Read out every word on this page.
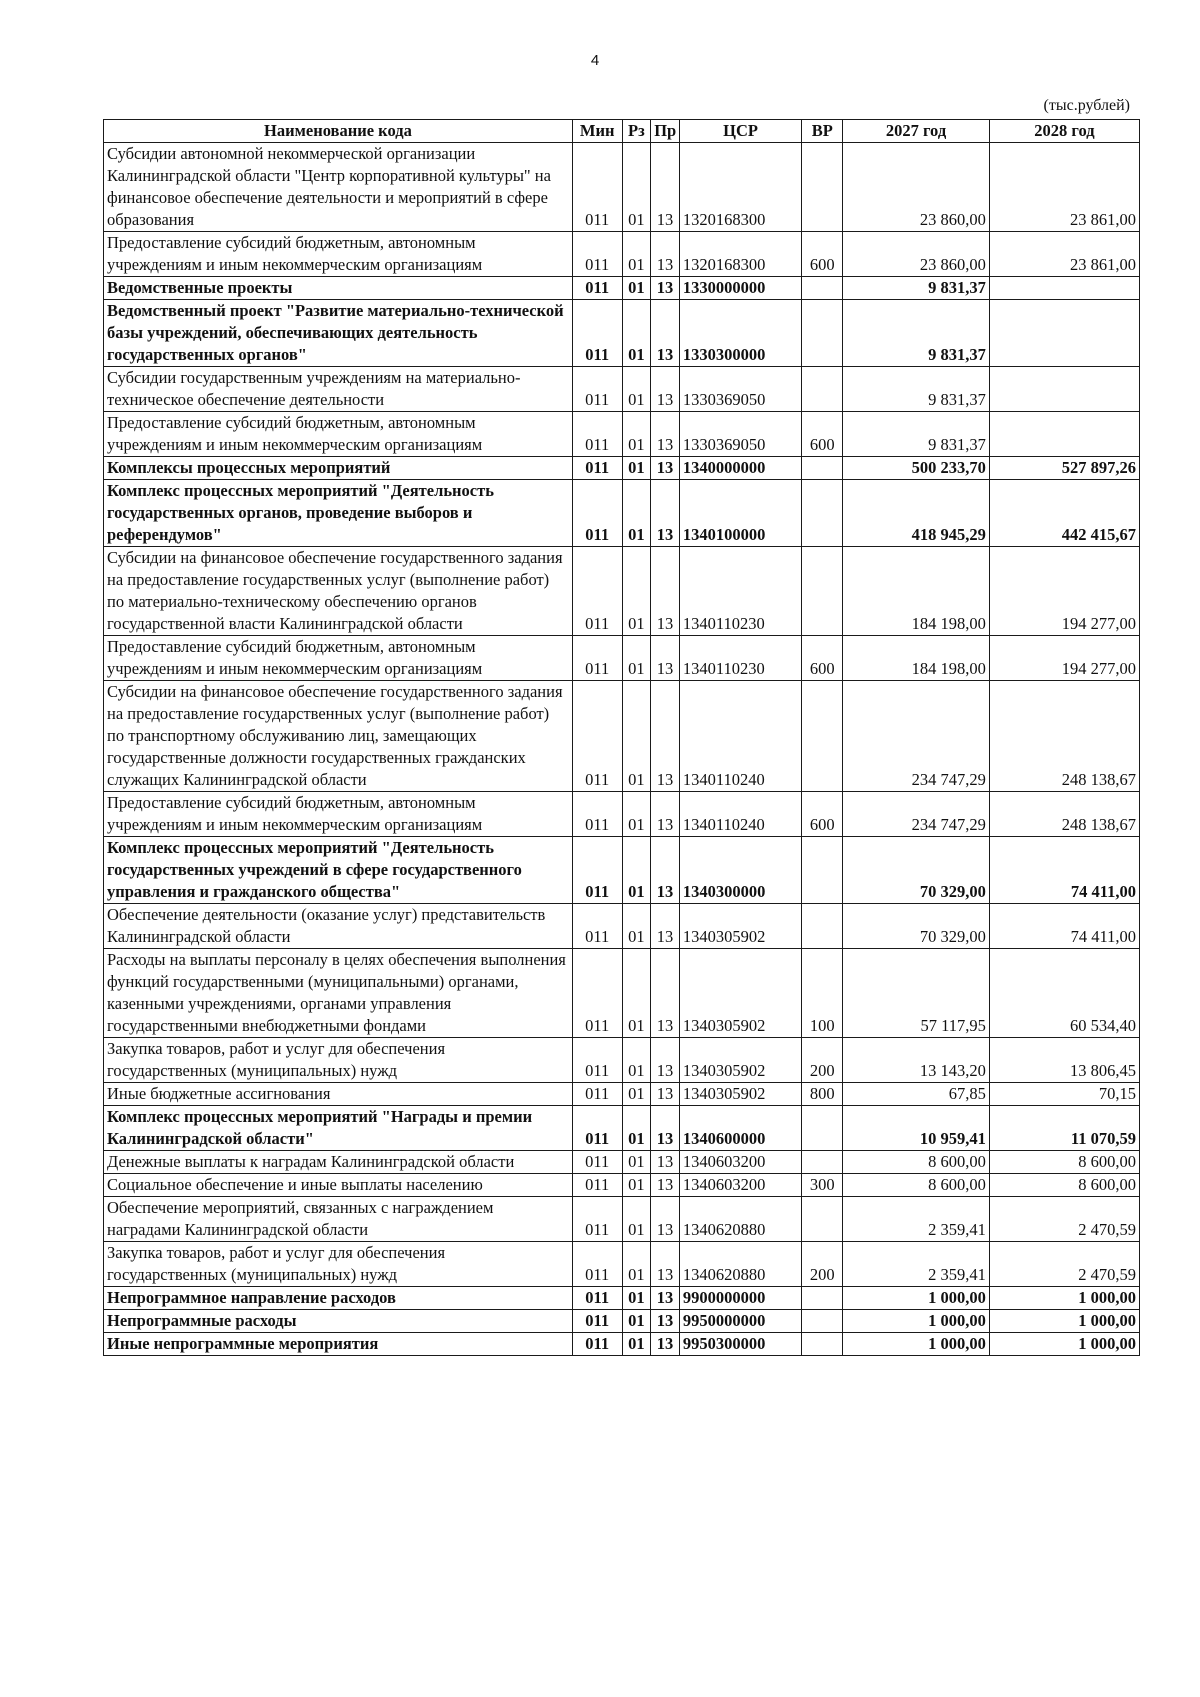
4
(тыс.рублей)
Наименование кода	Мин	Рз	Пр	ЦСР	ВР	2027 год	2028 год
Субсидии автономной некоммерческой организации Калининградской области "Центр корпоративной культуры" на финансовое обеспечение деятельности и мероприятий в сфере образования	011	01	13	1320168300		23 860,00	23 861,00
Предоставление субсидий бюджетным, автономным учреждениям и иным некоммерческим организациям	011	01	13	1320168300	600	23 860,00	23 861,00
Ведомственные проекты	011	01	13	1330000000		9 831,37	
Ведомственный проект "Развитие материально-технической базы учреждений, обеспечивающих деятельность государственных органов"	011	01	13	1330300000		9 831,37	
Субсидии государственным учреждениям на материально-техническое обеспечение деятельности	011	01	13	1330369050		9 831,37	
Предоставление субсидий бюджетным, автономным учреждениям и иным некоммерческим организациям	011	01	13	1330369050	600	9 831,37	
Комплексы процессных мероприятий	011	01	13	1340000000		500 233,70	527 897,26
Комплекс процессных мероприятий "Деятельность государственных органов, проведение выборов и референдумов"	011	01	13	1340100000		418 945,29	442 415,67
Субсидии на финансовое обеспечение государственного задания на предоставление государственных услуг (выполнение работ) по материально-техническому обеспечению органов государственной власти Калининградской области	011	01	13	1340110230		184 198,00	194 277,00
Предоставление субсидий бюджетным, автономным учреждениям и иным некоммерческим организациям	011	01	13	1340110230	600	184 198,00	194 277,00
Субсидии на финансовое обеспечение государственного задания на предоставление государственных услуг (выполнение работ) по транспортному обслуживанию лиц, замещающих государственные должности государственных гражданских служащих Калининградской области	011	01	13	1340110240		234 747,29	248 138,67
Предоставление субсидий бюджетным, автономным учреждениям и иным некоммерческим организациям	011	01	13	1340110240	600	234 747,29	248 138,67
Комплекс процессных мероприятий "Деятельность государственных учреждений в сфере государственного управления и гражданского общества"	011	01	13	1340300000		70 329,00	74 411,00
Обеспечение деятельности (оказание услуг) представительств Калининградской области	011	01	13	1340305902		70 329,00	74 411,00
Расходы на выплаты персоналу в целях обеспечения выполнения функций государственными (муниципальными) органами, казенными учреждениями, органами управления государственными внебюджетными фондами	011	01	13	1340305902	100	57 117,95	60 534,40
Закупка товаров, работ и услуг для обеспечения государственных (муниципальных) нужд	011	01	13	1340305902	200	13 143,20	13 806,45
Иные бюджетные ассигнования	011	01	13	1340305902	800	67,85	70,15
Комплекс процессных мероприятий "Награды и премии Калининградской области"	011	01	13	1340600000		10 959,41	11 070,59
Денежные выплаты к наградам Калининградской области	011	01	13	1340603200		8 600,00	8 600,00
Социальное обеспечение и иные выплаты населению	011	01	13	1340603200	300	8 600,00	8 600,00
Обеспечение мероприятий, связанных с награждением наградами Калининградской области	011	01	13	1340620880		2 359,41	2 470,59
Закупка товаров, работ и услуг для обеспечения государственных (муниципальных) нужд	011	01	13	1340620880	200	2 359,41	2 470,59
Непрограммное направление расходов	011	01	13	9900000000		1 000,00	1 000,00
Непрограммные расходы	011	01	13	9950000000		1 000,00	1 000,00
Иные непрограммные мероприятия	011	01	13	9950300000		1 000,00	1 000,00
